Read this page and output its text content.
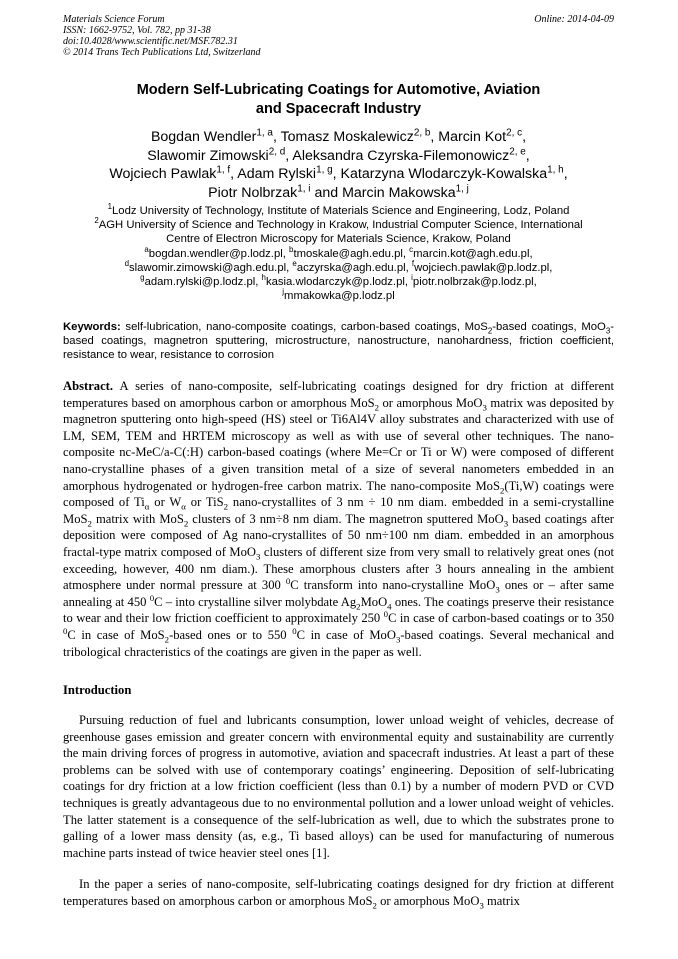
Materials Science Forum
ISSN: 1662-9752, Vol. 782, pp 31-38
doi:10.4028/www.scientific.net/MSF.782.31
© 2014 Trans Tech Publications Ltd, Switzerland
Online: 2014-04-09
Modern Self-Lubricating Coatings for Automotive, Aviation
and Spacecraft Industry
Bogdan Wendler$^{1, a}$, Tomasz Moskalewicz$^{2, b}$, Marcin Kot$^{2, c}$,
Slawomir Zimowski$^{2, d}$, Aleksandra Czyrska-Filemonowicz$^{2, e}$,
Wojciech Pawlak$^{1, f}$, Adam Rylski$^{1, g}$, Katarzyna Wlodarczyk-Kowalska$^{1, h}$,
Piotr Nolbrzak$^{1, i}$ and Marcin Makowska$^{1, j}$
$^1$Lodz University of Technology, Institute of Materials Science and Engineering, Lodz, Poland
$^2$AGH University of Science and Technology in Krakow, Industrial Computer Science, International
Centre of Electron Microscopy for Materials Science, Krakow, Poland
$^a$bogdan.wendler@p.lodz.pl, $^b$tmoskale@agh.edu.pl, $^c$marcin.kot@agh.edu.pl,
$^d$slawomir.zimowski@agh.edu.pl, $^e$aczyrska@agh.edu.pl, $^f$wojciech.pawlak@p.lodz.pl,
$^g$adam.rylski@p.lodz.pl, $^h$kasia.wlodarczyk@p.lodz.pl, $^i$piotr.nolbrzak@p.lodz.pl,
$^j$mmakowka@p.lodz.pl

Keywords: self-lubrication, nano-composite coatings, carbon-based coatings, MoS$_2$-based coatings, MoO$_3$-based coatings, magnetron sputtering, microstructure, nanostructure, nanohardness, friction coefficient, resistance to wear, resistance to corrosion

Abstract. A series of nano-composite, self-lubricating coatings designed for dry friction at different temperatures based on amorphous carbon or amorphous MoS$_2$ or amorphous MoO$_3$ matrix was deposited by magnetron sputtering onto high-speed (HS) steel or Ti6Al4V alloy substrates and characterized with use of LM, SEM, TEM and HRTEM microscopy as well as with use of several other techniques. The nano-composite nc-MeC/a-C(:H) carbon-based coatings (where Me=Cr or Ti or W) were composed of different nano-crystalline phases of a given transition metal of a size of several nanometers embedded in an amorphous hydrogenated or hydrogen-free carbon matrix. The nano-composite MoS$_2$(Ti,W) coatings were composed of $Ti_\alpha$ or $W_\alpha$ or TiS$_2$ nano-crystallites of 3 nm ÷ 10 nm diam. embedded in a semi-crystalline MoS$_2$ matrix with MoS$_2$ clusters of 3 nm÷8 nm diam. The magnetron sputtered MoO$_3$ based coatings after deposition were composed of Ag nano-crystallites of 50 nm÷100 nm diam. embedded in an amorphous fractal-type matrix composed of MoO$_3$ clusters of different size from very small to relatively great ones (not exceeding, however, 400 nm diam.). These amorphous clusters after 3 hours annealing in the ambient atmosphere under normal pressure at 300 $^0$C transform into nano-crystalline MoO$_3$ ones or – after same annealing at 450 $^0$C – into crystalline silver molybdate $Ag_2MoO_4$ ones. The coatings preserve their resistance to wear and their low friction coefficient to approximately 250 $^0$C in case of carbon-based coatings or to 350 $^0$C in case of MoS$_2$-based ones or to 550 $^0$C in case of MoO$_3$-based coatings. Several mechanical and tribological chracteristics of the coatings are given in the paper as well.

Introduction

Pursuing reduction of fuel and lubricants consumption, lower unload weight of vehicles, decrease of greenhouse gases emission and greater concern with environmental equity and sustainability are currently the main driving forces of progress in automotive, aviation and spacecraft industries. At least a part of these problems can be solved with use of contemporary coatings’ engineering. Deposition of self-lubricating coatings for dry friction at a low friction coefficient (less than 0.1) by a number of modern PVD or CVD techniques is greatly advantageous due to no environmental pollution and a lower unload weight of vehicles. The latter statement is a consequence of the self-lubrication as well, due to which the substrates prone to galling of a lower mass density (as, e.g., Ti based alloys) can be used for manufacturing of numerous machine parts instead of twice heavier steel ones [1].

In the paper a series of nano-composite, self-lubricating coatings designed for dry friction at different temperatures based on amorphous carbon or amorphous MoS$_2$ or amorphous MoO$_3$ matrix
